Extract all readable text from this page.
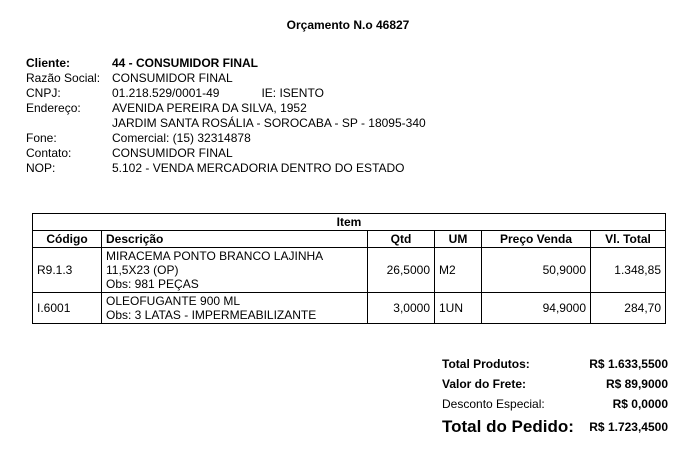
Orçamento N.o 46827
Cliente:	44 - CONSUMIDOR FINAL
Razão Social: CONSUMIDOR FINAL
CNPJ:	01.218.529/0001-49	IE: ISENTO
Endereço:	AVENIDA PEREIRA DA SILVA, 1952
JARDIM SANTA ROSÁLIA - SOROCABA - SP - 18095-340
Fone:	Comercial: (15) 32314878
Contato:	CONSUMIDOR FINAL
NOP:	5.102 - VENDA MERCADORIA DENTRO DO ESTADO
Item					
Código	Descrição	Qtd	UM	Preço Venda	Vl. Total
R9.1.3	MIRACEMA PONTO BRANCO LAJINHA
11,5X23 (OP)
Obs: 981 PEÇAS	26,5000	M2	50,9000	1.348,85
I.6001	OLEOFUGANTE 900 ML
Obs: 3 LATAS - IMPERMEABILIZANTE	3,0000	1UN	94,9000	284,70
Total Produtos:	R$ 1.633,5500
Valor do Frete:	R$ 89,9000
Desconto Especial:	R$ 0,0000
Total do Pedido: R$ 1.723,4500
